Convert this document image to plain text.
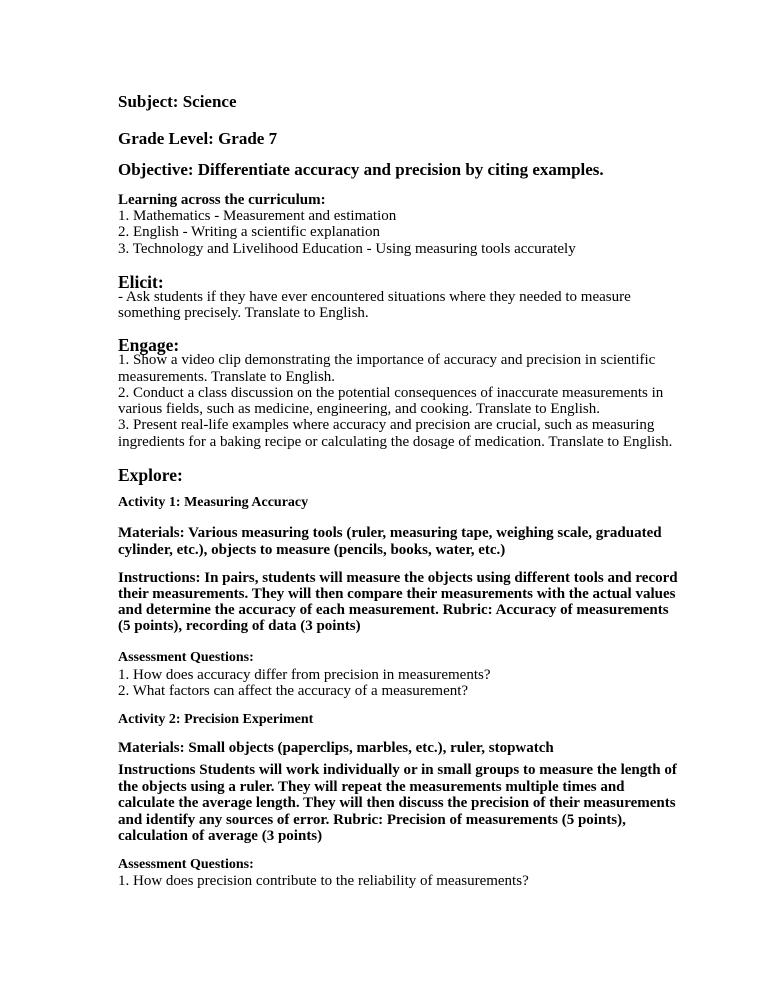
Subject: Science
Grade Level: Grade 7
Objective: Differentiate accuracy and precision by citing examples.
Learning across the curriculum:
1. Mathematics - Measurement and estimation
2. English - Writing a scientific explanation
3. Technology and Livelihood Education - Using measuring tools accurately
Elicit:
- Ask students if they have ever encountered situations where they needed to measure
something precisely. Translate to English.
Engage:
1. Show a video clip demonstrating the importance of accuracy and precision in scientific
measurements. Translate to English.
2. Conduct a class discussion on the potential consequences of inaccurate measurements in
various fields, such as medicine, engineering, and cooking. Translate to English.
3. Present real-life examples where accuracy and precision are crucial, such as measuring
ingredients for a baking recipe or calculating the dosage of medication. Translate to English.
Explore:
Activity 1: Measuring Accuracy
Materials: Various measuring tools (ruler, measuring tape, weighing scale, graduated
cylinder, etc.), objects to measure (pencils, books, water, etc.)
Instructions: In pairs, students will measure the objects using different tools and record
their measurements. They will then compare their measurements with the actual values
and determine the accuracy of each measurement. Rubric: Accuracy of measurements
(5 points), recording of data (3 points)
Assessment Questions:
1. How does accuracy differ from precision in measurements?
2. What factors can affect the accuracy of a measurement?
Activity 2: Precision Experiment
Materials: Small objects (paperclips, marbles, etc.), ruler, stopwatch
Instructions Students will work individually or in small groups to measure the length of
the objects using a ruler. They will repeat the measurements multiple times and
calculate the average length. They will then discuss the precision of their measurements
and identify any sources of error. Rubric: Precision of measurements (5 points),
calculation of average (3 points)
Assessment Questions:
1. How does precision contribute to the reliability of measurements?
